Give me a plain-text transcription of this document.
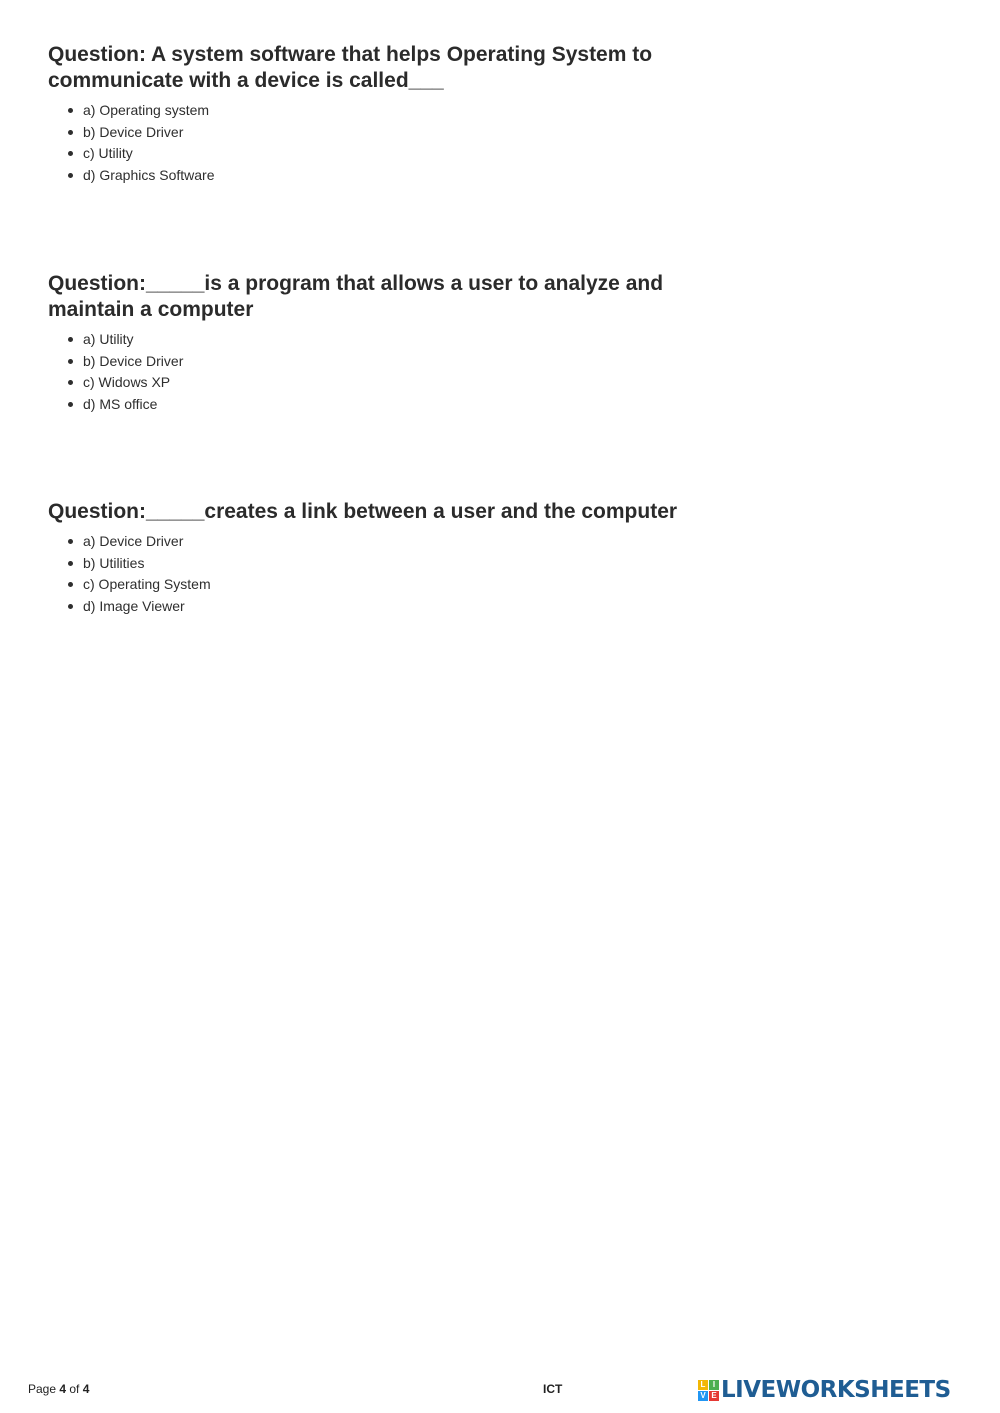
Question: A system software that helps Operating System to
communicate with a device is called___
a) Operating system
b) Device Driver
c) Utility
d) Graphics Software
Question:_____is a program that allows a user to analyze and
maintain a computer
a) Utility
b) Device Driver
c) Widows XP
d) MS office
Question:_____creates a link between a user and the computer
a) Device Driver
b) Utilities
c) Operating System
d) Image Viewer
Page 4 of 4	ICT	L I
V E LIVEWORKSHEETS
